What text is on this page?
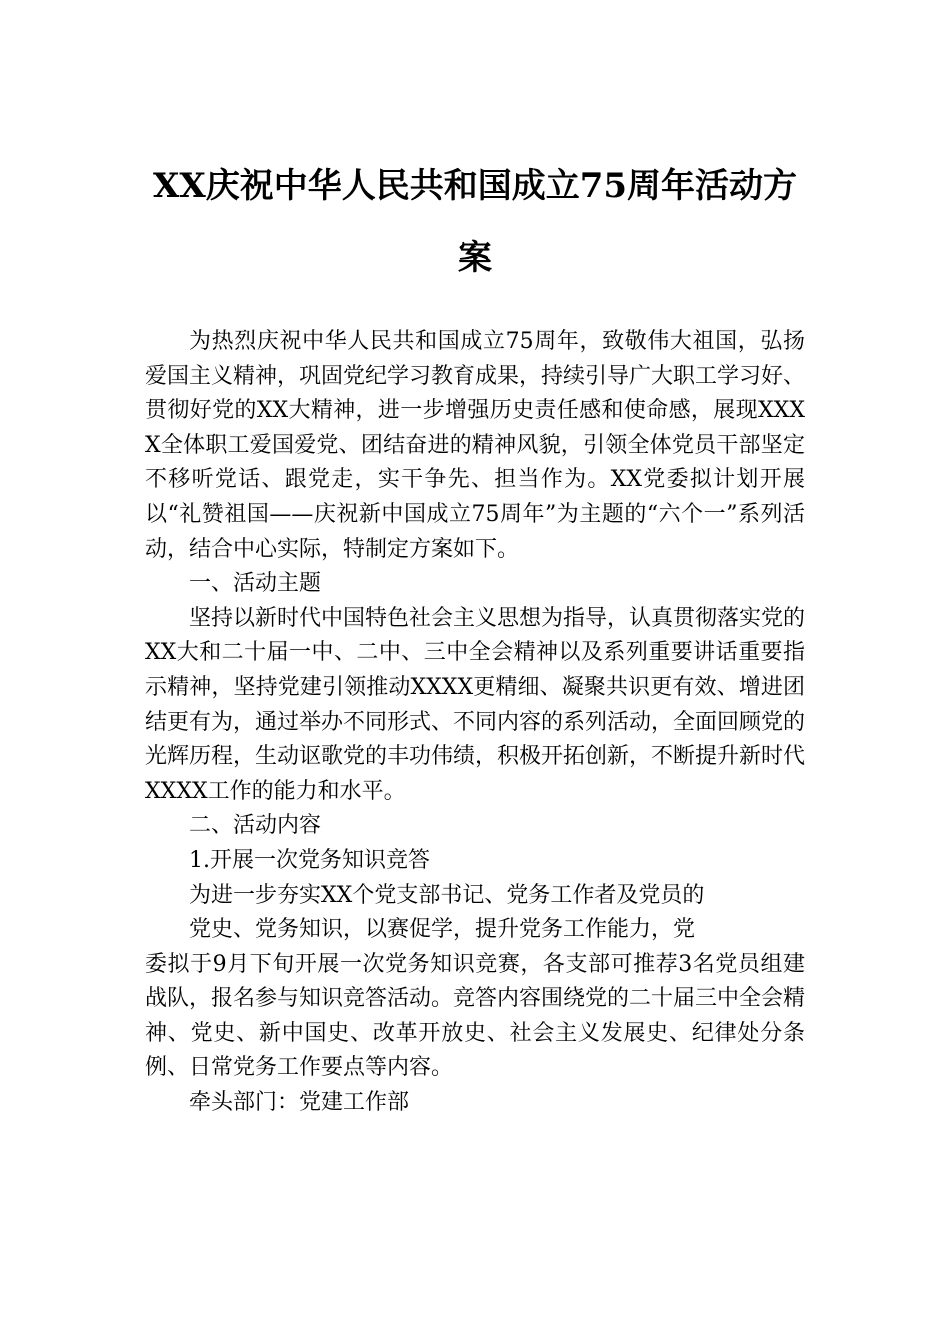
XX庆祝中华人民共和国成立75周年活动方案

为热烈庆祝中华人民共和国成立75周年，致敬伟大祖国，弘扬爱国主义精神，巩固党纪学习教育成果，持续引导广大职工学习好、贯彻好党的XX大精神，进一步增强历史责任感和使命感，展现XXXX全体职工爱国爱党、团结奋进的精神风貌，引领全体党员干部坚定不移听党话、跟党走，实干争先、担当作为。XX党委拟计划开展以“礼赞祖国——庆祝新中国成立75周年”为主题的“六个一”系列活动，结合中心实际，特制定方案如下。

一、活动主题

坚持以新时代中国特色社会主义思想为指导，认真贯彻落实党的XX大和二十届一中、二中、三中全会精神以及系列重要讲话重要指示精神，坚持党建引领推动XXXX更精细、凝聚共识更有效、增进团结更有为，通过举办不同形式、不同内容的系列活动，全面回顾党的光辉历程，生动讴歌党的丰功伟绩，积极开拓创新，不断提升新时代XXXX工作的能力和水平。

二、活动内容

1.开展一次党务知识竞答

为进一步夯实XX个党支部书记、党务工作者及党员的

党史、党务知识，以赛促学，提升党务工作能力，党

委拟于9月下旬开展一次党务知识竞赛，各支部可推荐3名党员组建战队，报名参与知识竞答活动。竞答内容围绕党的二十届三中全会精神、党史、新中国史、改革开放史、社会主义发展史、纪律处分条例、日常党务工作要点等内容。

牵头部门：党建工作部
